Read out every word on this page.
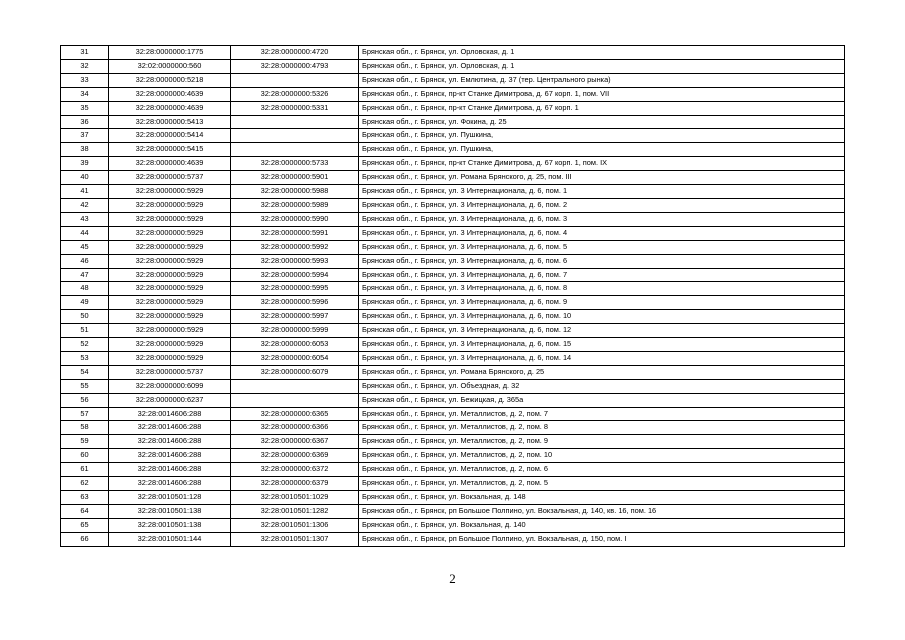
31	32:28:0000000:1775	32:28:0000000:4720	Брянская обл., г. Брянск, ул. Орловская, д. 1
32	32:02:0000000:560	32:28:0000000:4793	Брянская обл., г. Брянск, ул. Орловская, д. 1
33	32:28:0000000:5218		Брянская обл., г. Брянск, ул. Емлютина, д. 37 (тер. Центрального рынка)
34	32:28:0000000:4639	32:28:0000000:5326	Брянская обл., г. Брянск, пр-кт Станке Димитрова, д. 67 корп. 1, пом. VII
35	32:28:0000000:4639	32:28:0000000:5331	Брянская обл., г. Брянск, пр-кт Станке Димитрова, д. 67 корп. 1
36	32:28:0000000:5413		Брянская обл., г. Брянск, ул. Фокина, д. 25
37	32:28:0000000:5414		Брянская обл., г. Брянск, ул. Пушкина,
38	32:28:0000000:5415		Брянская обл., г. Брянск, ул. Пушкина,
39	32:28:0000000:4639	32:28:0000000:5733	Брянская обл., г. Брянск, пр-кт Станке Димитрова, д. 67 корп. 1, пом. IX
40	32:28:0000000:5737	32:28:0000000:5901	Брянская обл., г. Брянск, ул. Романа Брянского, д. 25, пом. III
41	32:28:0000000:5929	32:28:0000000:5988	Брянская обл., г. Брянск, ул. 3 Интернационала, д. 6, пом. 1
42	32:28:0000000:5929	32:28:0000000:5989	Брянская обл., г. Брянск, ул. 3 Интернационала, д. 6, пом. 2
43	32:28:0000000:5929	32:28:0000000:5990	Брянская обл., г. Брянск, ул. 3 Интернационала, д. 6, пом. 3
44	32:28:0000000:5929	32:28:0000000:5991	Брянская обл., г. Брянск, ул. 3 Интернационала, д. 6, пом. 4
45	32:28:0000000:5929	32:28:0000000:5992	Брянская обл., г. Брянск, ул. 3 Интернационала, д. 6, пом. 5
46	32:28:0000000:5929	32:28:0000000:5993	Брянская обл., г. Брянск, ул. 3 Интернационала, д. 6, пом. 6
47	32:28:0000000:5929	32:28:0000000:5994	Брянская обл., г. Брянск, ул. 3 Интернационала, д. 6, пом. 7
48	32:28:0000000:5929	32:28:0000000:5995	Брянская обл., г. Брянск, ул. 3 Интернационала, д. 6, пом. 8
49	32:28:0000000:5929	32:28:0000000:5996	Брянская обл., г. Брянск, ул. 3 Интернационала, д. 6, пом. 9
50	32:28:0000000:5929	32:28:0000000:5997	Брянская обл., г. Брянск, ул. 3 Интернационала, д. 6, пом. 10
51	32:28:0000000:5929	32:28:0000000:5999	Брянская обл., г. Брянск, ул. 3 Интернационала, д. 6, пом. 12
52	32:28:0000000:5929	32:28:0000000:6053	Брянская обл., г. Брянск, ул. 3 Интернационала, д. 6, пом. 15
53	32:28:0000000:5929	32:28:0000000:6054	Брянская обл., г. Брянск, ул. 3 Интернационала, д. 6, пом. 14
54	32:28:0000000:5737	32:28:0000000:6079	Брянская обл., г. Брянск, ул. Романа Брянского, д. 25
55	32:28:0000000:6099		Брянская обл., г. Брянск, ул. Объездная, д. 32
56	32:28:0000000:6237		Брянская обл., г. Брянск, ул. Бежицкая, д. 365а
57	32:28:0014606:288	32:28:0000000:6365	Брянская обл., г. Брянск, ул. Металлистов, д. 2, пом. 7
58	32:28:0014606:288	32:28:0000000:6366	Брянская обл., г. Брянск, ул. Металлистов, д. 2, пом. 8
59	32:28:0014606:288	32:28:0000000:6367	Брянская обл., г. Брянск, ул. Металлистов, д. 2, пом. 9
60	32:28:0014606:288	32:28:0000000:6369	Брянская обл., г. Брянск, ул. Металлистов, д. 2, пом. 10
61	32:28:0014606:288	32:28:0000000:6372	Брянская обл., г. Брянск, ул. Металлистов, д. 2, пом. 6
62	32:28:0014606:288	32:28:0000000:6379	Брянская обл., г. Брянск, ул. Металлистов, д. 2, пом. 5
63	32:28:0010501:128	32:28:0010501:1029	Брянская обл., г. Брянск, ул. Вокзальная, д. 148
64	32:28:0010501:138	32:28:0010501:1282	Брянская обл., г. Брянск, рп Большое Полпино, ул. Вокзальная, д. 140, кв. 16, пом. 16
65	32:28:0010501:138	32:28:0010501:1306	Брянская обл., г. Брянск, ул. Вокзальная, д. 140
66	32:28:0010501:144	32:28:0010501:1307	Брянская обл., г. Брянск, рп Большое Полпино, ул. Вокзальная, д. 150, пом. I
2
